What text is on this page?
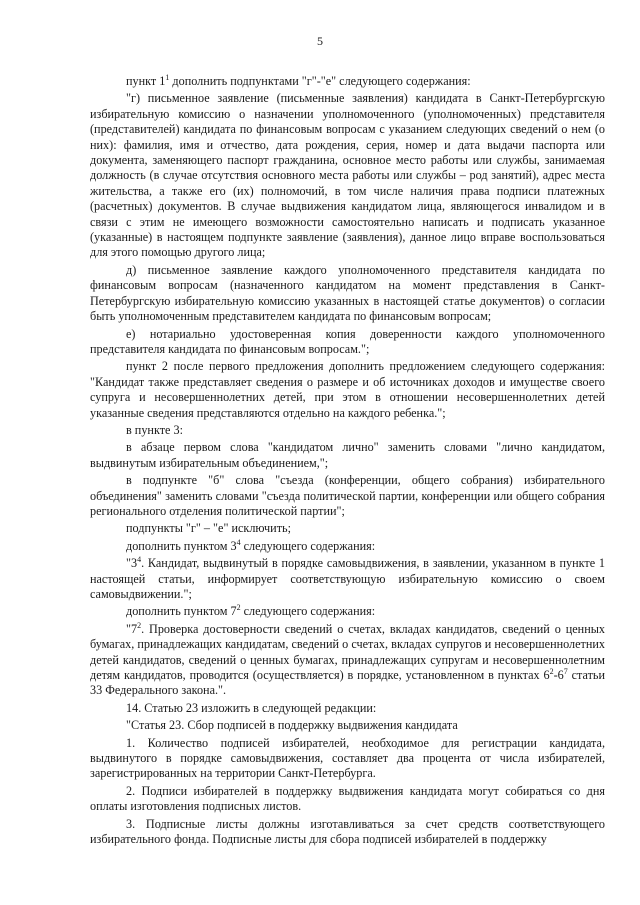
5

пункт $1^1$ дополнить подпунктами "г"-"е" следующего содержания:

"г) письменное заявление (письменные заявления) кандидата в Санкт-Петербургскую избирательную комиссию о назначении уполномоченного (уполномоченных) представителя (представителей) кандидата по финансовым вопросам с указанием следующих сведений о нем (о них): фамилия, имя и отчество, дата рождения, серия, номер и дата выдачи паспорта или документа, заменяющего паспорт гражданина, основное место работы или службы, занимаемая должность (в случае отсутствия основного места работы или службы – род занятий), адрес места жительства, а также его (их) полномочий, в том числе наличия права подписи платежных (расчетных) документов. В случае выдвижения кандидатом лица, являющегося инвалидом и в связи с этим не имеющего возможности самостоятельно написать и подписать указанное (указанные) в настоящем подпункте заявление (заявления), данное лицо вправе воспользоваться для этого помощью другого лица;

д) письменное заявление каждого уполномоченного представителя кандидата по финансовым вопросам (назначенного кандидатом на момент представления в Санкт-Петербургскую избирательную комиссию указанных в настоящей статье документов) о согласии быть уполномоченным представителем кандидата по финансовым вопросам;

е) нотариально удостоверенная копия доверенности каждого уполномоченного представителя кандидата по финансовым вопросам.";

пункт 2 после первого предложения дополнить предложением следующего содержания: "Кандидат также представляет сведения о размере и об источниках доходов и имуществе своего супруга и несовершеннолетних детей, при этом в отношении несовершеннолетних детей указанные сведения представляются отдельно на каждого ребенка.";

в пункте 3:

в абзаце первом слова "кандидатом лично" заменить словами "лично кандидатом, выдвинутым избирательным объединением,";

в подпункте "б" слова "съезда (конференции, общего собрания) избирательного объединения" заменить словами "съезда политической партии, конференции или общего собрания регионального отделения политической партии";

подпункты "г" – "е" исключить;

дополнить пунктом $3^4$ следующего содержания:

"$3^4$. Кандидат, выдвинутый в порядке самовыдвижения, в заявлении, указанном в пункте 1 настоящей статьи, информирует соответствующую избирательную комиссию о своем самовыдвижении.";

дополнить пунктом $7^2$ следующего содержания:

"$7^2$. Проверка достоверности сведений о счетах, вкладах кандидатов, сведений о ценных бумагах, принадлежащих кандидатам, сведений о счетах, вкладах супругов и несовершеннолетних детей кандидатов, сведений о ценных бумагах, принадлежащих супругам и несовершеннолетним детям кандидатов, проводится (осуществляется) в порядке, установленном в пунктах $6^2-6^7$ статьи 33 Федерального закона.".

14. Статью 23 изложить в следующей редакции:

"Статья 23. Сбор подписей в поддержку выдвижения кандидата

1. Количество подписей избирателей, необходимое для регистрации кандидата, выдвинутого в порядке самовыдвижения, составляет два процента от числа избирателей, зарегистрированных на территории Санкт-Петербурга.

2. Подписи избирателей в поддержку выдвижения кандидата могут собираться со дня оплаты изготовления подписных листов.

3. Подписные листы должны изготавливаться за счет средств соответствующего избирательного фонда. Подписные листы для сбора подписей избирателей в поддержку
